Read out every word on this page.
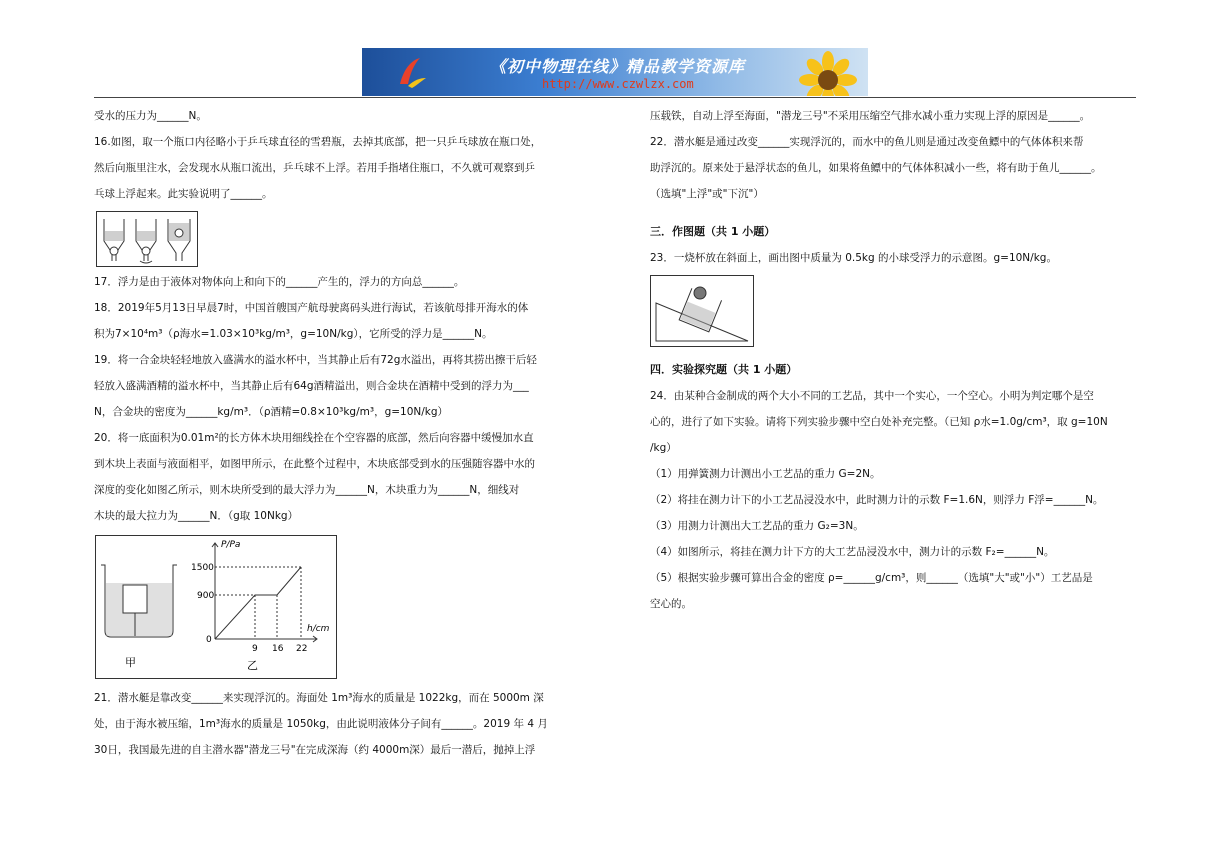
《初中物理在线》精品教学资源库
http://www.czwlzx.com

受水的压力为______N。

16.如图，取一个瓶口内径略小于乒乓球直径的雪碧瓶，去掉其底部，把一只乒乓球放在瓶口处，

然后向瓶里注水，会发现水从瓶口流出，乒乓球不上浮。若用手指堵住瓶口，不久就可观察到乒

乓球上浮起来。此实验说明了______。

17．浮力是由于液体对物体向上和向下的______产生的，浮力的方向总______。

18．2019年5月13日早晨7时，中国首艘国产航母驶离码头进行海试，若该航母排开海水的体

积为7×10⁴m³（ρ海水=1.03×10³kg/m³，g=10N/kg），它所受的浮力是______N。

19．将一合金块轻轻地放入盛满水的溢水杯中，当其静止后有72g水溢出，再将其捞出擦干后轻

轻放入盛满酒精的溢水杯中，当其静止后有64g酒精溢出，则合金块在酒精中受到的浮力为___

N，合金块的密度为______kg/m³．（ρ酒精=0.8×10³kg/m³，g=10N/kg）

20．将一底面积为0.01m²的长方体木块用细线拴在个空容器的底部，然后向容器中缓慢加水直

到木块上表面与液面相平，如图甲所示，在此整个过程中，木块底部受到水的压强随容器中水的

深度的变化如图乙所示，则木块所受到的最大浮力为______N，木块重力为______N，细线对

木块的最大拉力为______N．（g取 10Nkg）

甲
P/Pa
h/cm
1500
900
0
9 16 22
乙

21．潜水艇是靠改变______来实现浮沉的。海面处 1m³海水的质量是 1022kg，而在 5000m 深

处，由于海水被压缩，1m³海水的质量是 1050kg，由此说明液体分子间有______。2019 年 4 月

30日，我国最先进的自主潜水器"潜龙三号"在完成深海（约 4000m深）最后一潜后，抛掉上浮

压载铁，自动上浮至海面，"潜龙三号"不采用压缩空气排水减小重力实现上浮的原因是______。

22．潜水艇是通过改变______实现浮沉的，而水中的鱼儿则是通过改变鱼鳔中的气体体积来帮

助浮沉的。原来处于悬浮状态的鱼儿，如果将鱼鳔中的气体体积减小一些，将有助于鱼儿______。

（选填"上浮"或"下沉"）

三．作图题（共 1 小题）

23．一烧杯放在斜面上，画出图中质量为 0.5kg 的小球受浮力的示意图。g=10N/kg。

四．实验探究题（共 1 小题）

24．由某种合金制成的两个大小不同的工艺品，其中一个实心，一个空心。小明为判定哪个是空

心的，进行了如下实验。请将下列实验步骤中空白处补充完整。（已知 ρ水=1.0g/cm³，取 g=10N

/kg）

（1）用弹簧测力计测出小工艺品的重力 G=2N。

（2）将挂在测力计下的小工艺品浸没水中，此时测力计的示数 F=1.6N，则浮力 F浮=______N。

（3）用测力计测出大工艺品的重力 G₂=3N。

（4）如图所示，将挂在测力计下方的大工艺品浸没水中，测力计的示数 F₂=______N。

（5）根据实验步骤可算出合金的密度 ρ=______g/cm³，则______（选填"大"或"小"）工艺品是

空心的。
